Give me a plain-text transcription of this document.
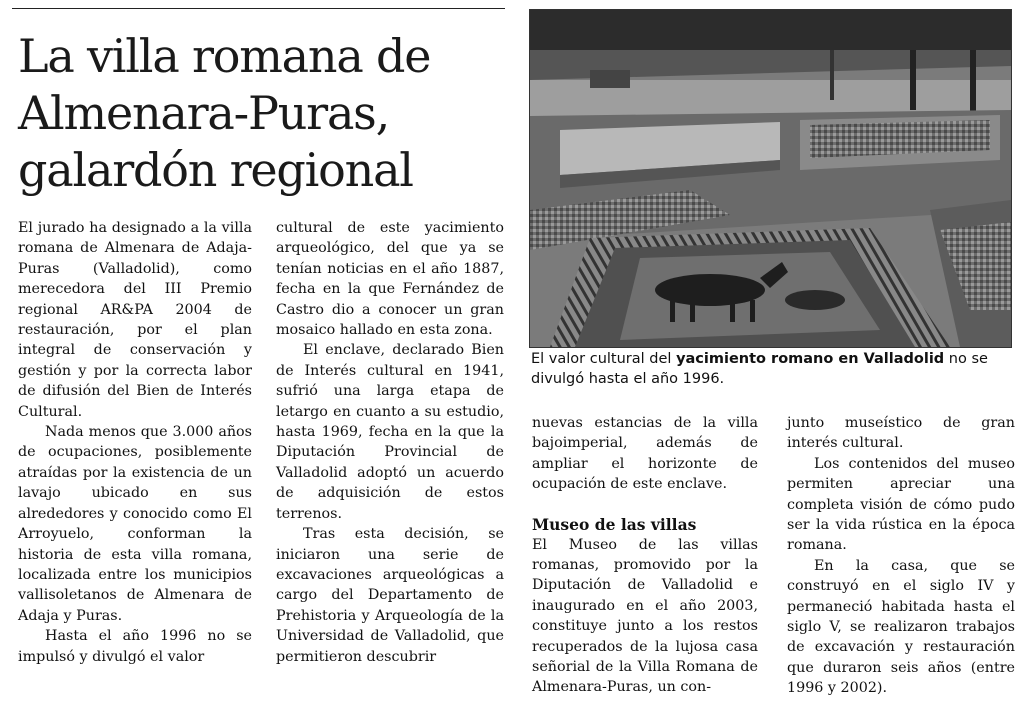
La villa romana de Almenara-Puras, galardón regional

El jurado ha designado a la villa romana de Almenara de Adaja-Puras (Valladolid), como merecedora del III Premio regional AR&PA 2004 de restauración, por el plan integral de conservación y gestión y por la correcta labor de difusión del Bien de Interés Cultural.

Nada menos que 3.000 años de ocupaciones, posiblemente atraídas por la existencia de un lavajo ubicado en sus alrededores y conocido como El Arroyuelo, conforman la historia de esta villa romana, localizada entre los municipios vallisoletanos de Almenara de Adaja y Puras.

Hasta el año 1996 no se impulsó y divulgó el valor

cultural de este yacimiento arqueológico, del que ya se tenían noticias en el año 1887, fecha en la que Fernández de Castro dio a conocer un gran mosaico hallado en esta zona.

El enclave, declarado Bien de Interés cultural en 1941, sufrió una larga etapa de letargo en cuanto a su estudio, hasta 1969, fecha en la que la Diputación Provincial de Valladolid adoptó un acuerdo de adquisición de estos terrenos.

Tras esta decisión, se iniciaron una serie de excavaciones arqueológicas a cargo del Departamento de Prehistoria y Arqueología de la Universidad de Valladolid, que permitieron descubrir

El valor cultural del yacimiento romano en Valladolid no se divulgó hasta el año 1996.

nuevas estancias de la villa bajoimperial, además de ampliar el horizonte de ocupación de este enclave.

Museo de las villas

El Museo de las villas romanas, promovido por la Diputación de Valladolid e inaugurado en el año 2003, constituye junto a los restos recuperados de la lujosa casa señorial de la Villa Romana de Almenara-Puras, un con-

junto museístico de gran interés cultural.

Los contenidos del museo permiten apreciar una completa visión de cómo pudo ser la vida rústica en la época romana.

En la casa, que se construyó en el siglo IV y permaneció habitada hasta el siglo V, se realizaron trabajos de excavación y restauración que duraron seis años (entre 1996 y 2002).
